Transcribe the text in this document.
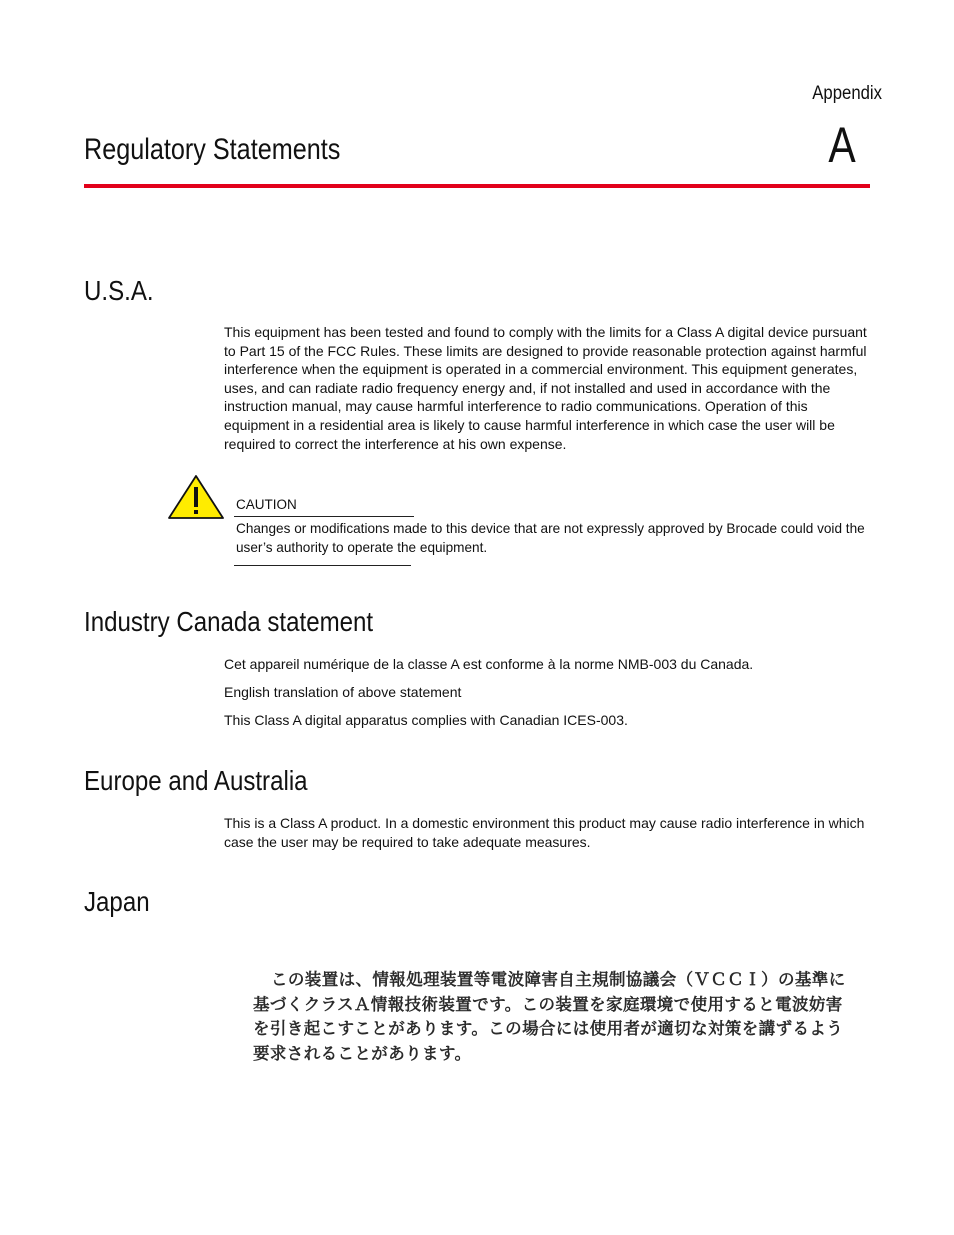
Appendix
A
Regulatory Statements
U.S.A.

This equipment has been tested and found to comply with the limits for a Class A digital device pursuant to Part 15 of the FCC Rules. These limits are designed to provide reasonable protection against harmful interference when the equipment is operated in a commercial environment. This equipment generates, uses, and can radiate radio frequency energy and, if not installed and used in accordance with the instruction manual, may cause harmful interference to radio communications. Operation of this equipment in a residential area is likely to cause harmful interference in which case the user will be required to correct the interference at his own expense.

CAUTION

Changes or modifications made to this device that are not expressly approved by Brocade could void the user’s authority to operate the equipment.

Industry Canada statement

Cet appareil numérique de la classe A est conforme à la norme NMB-003 du Canada.

English translation of above statement

This Class A digital apparatus complies with Canadian ICES-003.

Europe and Australia

This is a Class A product. In a domestic environment this product may cause radio interference in which case the user may be required to take adequate measures.

Japan
この装置は、情報処理装置等電波障害自主規制協議会（ＶＣＣＩ）の基準に基づくクラスＡ情報技術装置です。この装置を家庭環境で使用すると電波妨害を引き起こすことがあります。この場合には使用者が適切な対策を講ずるよう要求されることがあります。
